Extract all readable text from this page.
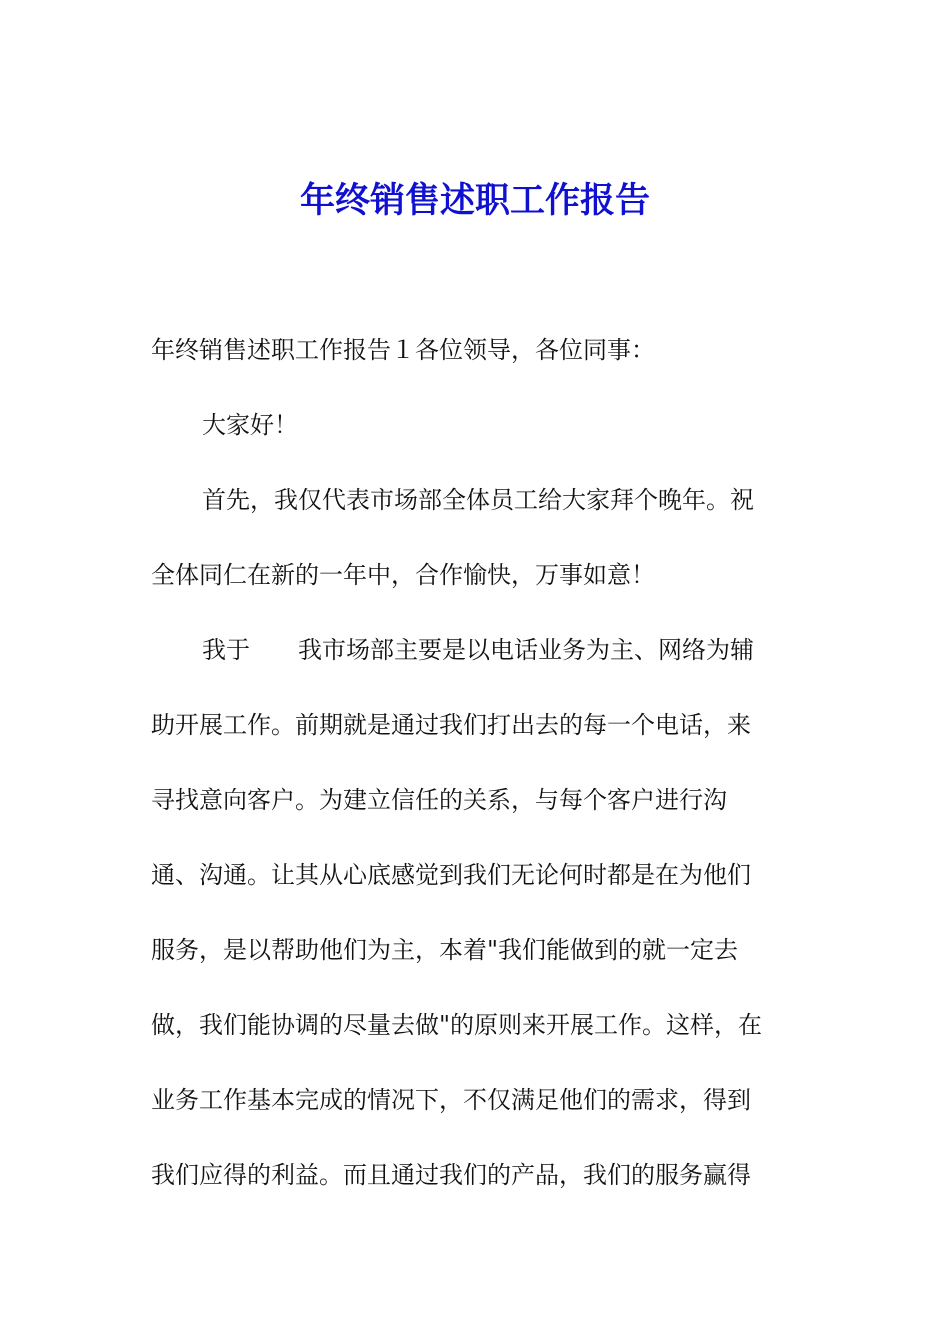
年终销售述职工作报告
年终销售述职工作报告１各位领导，各位同事：
大家好！
首先，我仅代表市场部全体员工给大家拜个晚年。祝
全体同仁在新的一年中，合作愉快，万事如意！
我于　　我市场部主要是以电话业务为主、网络为辅
助开展工作。前期就是通过我们打出去的每一个电话，来
寻找意向客户。为建立信任的关系，与每个客户进行沟
通、沟通。让其从心底感觉到我们无论何时都是在为他们
服务，是以帮助他们为主，本着"我们能做到的就一定去
做，我们能协调的尽量去做"的原则来开展工作。这样，在
业务工作基本完成的情况下，不仅满足他们的需求，得到
我们应得的利益。而且通过我们的产品，我们的服务赢得
